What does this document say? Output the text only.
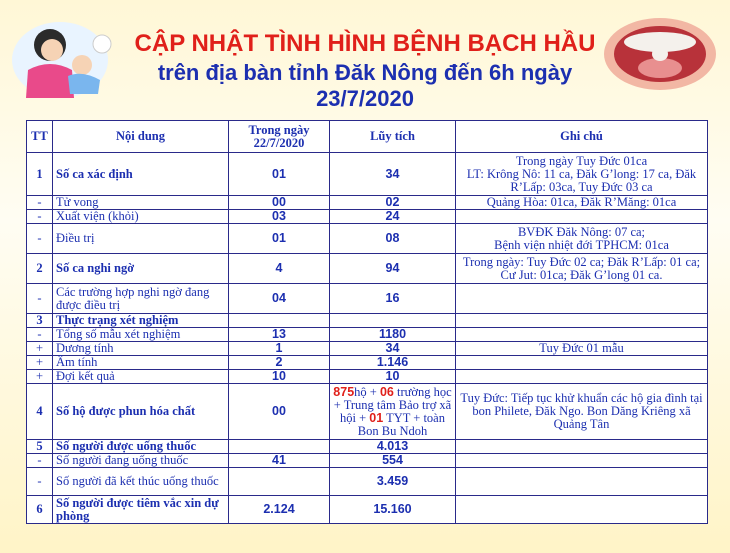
CẬP NHẬT TÌNH HÌNH BỆNH BẠCH HẦU
trên địa bàn tỉnh Đăk Nông đến 6h ngày 23/7/2020
TT	Nội dung	Trong ngày 22/7/2020	Lũy tích	Ghi chú
1	Số ca xác định	01	34	Trong ngày Tuy Đức 01ca
LT: Krông Nô: 11 ca, Đăk G’long: 17 ca, Đăk R’Lấp: 03ca, Tuy Đức 03 ca
-	Tử vong	00	02	Quảng Hòa: 01ca, Đăk R’Măng: 01ca
-	Xuất viện (khỏi)	03	24	
-	Điều trị	01	08	BVĐK Đăk Nông: 07 ca;
Bệnh viện nhiệt đới TPHCM: 01ca
2	Số ca nghi ngờ	4	94	Trong ngày: Tuy Đức 02 ca; Đăk R’Lấp: 01 ca; Cư Jut: 01ca; Đăk G’long 01 ca.
-	Các trường hợp nghi ngờ đang được điều trị	04	16	
3	Thực trạng xét nghiệm			
-	Tổng số mẫu xét nghiệm	13	1180	
+	Dương tính	1	34	Tuy Đức 01 mẫu
+	Âm tính	2	1.146	
+	Đợi kết quả	10	10	
4	Số hộ được phun hóa chất	00	875hộ + 06 trường học + Trung tâm Bảo trợ xã hội + 01 TYT + toàn Bon Bu Ndoh	Tuy Đức: Tiếp tục khử khuẩn các hộ gia đình tại bon Philete, Đăk Ngo. Bon Dăng Kriêng xã Quảng Tân
5	Số người được uống thuốc		4.013	
-	Số người đang uống thuốc	41	554	
-	Số người đã kết thúc uống thuốc		3.459	
6	Số người được tiêm vắc xin dự phòng	2.124	15.160	
